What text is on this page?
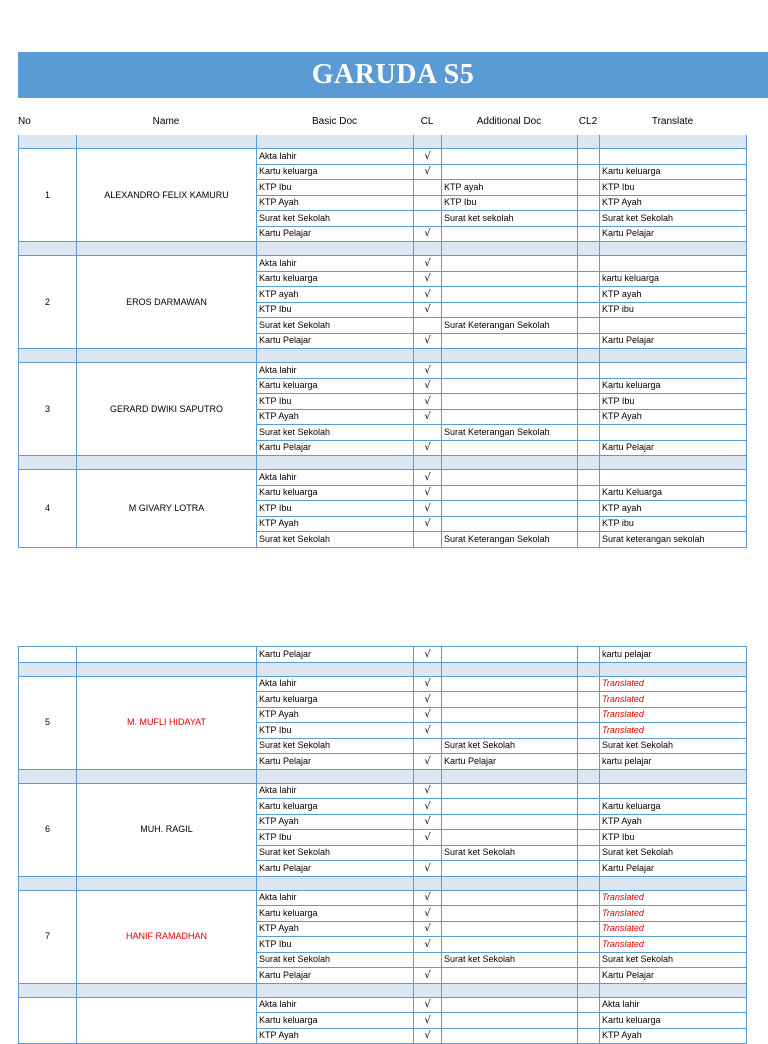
GARUDA S5
No	Name	Basic Doc	CL	Additional Doc	CL2	Translate

1	ALEXANDRO FELIX KAMURU	Akta lahir	√				
		Kartu keluarga	√			Kartu keluarga	
		KTP Ibu		KTP ayah		KTP Ibu	
		KTP Ayah		KTP Ibu		KTP Ayah	
		Surat ket Sekolah		Surat ket sekolah		Surat ket Sekolah	
		Kartu Pelajar	√			Kartu Pelajar	

2	EROS DARMAWAN	Akta lahir	√				
		Kartu keluarga	√			kartu keluarga	
		KTP ayah	√			KTP ayah	
		KTP Ibu	√			KTP ibu	
		Surat ket Sekolah		Surat Keterangan Sekolah			
		Kartu Pelajar	√			Kartu Pelajar	

3	GERARD DWIKI SAPUTRO	Akta lahir	√				
		Kartu keluarga	√			Kartu keluarga	
		KTP Ibu	√			KTP Ibu	
		KTP Ayah	√			KTP Ayah	
		Surat ket Sekolah		Surat Keterangan Sekolah			
		Kartu Pelajar	√			Kartu Pelajar	

4	M GIVARY LOTRA	Akta lahir	√				
		Kartu keluarga	√			Kartu Keluarga	
		KTP Ibu	√			KTP ayah	
		KTP Ayah	√			KTP ibu	
		Surat ket Sekolah		Surat Keterangan Sekolah		Surat keterangan sekolah	
		Kartu Pelajar	√			kartu pelajar	

5	M. MUFLI HIDAYAT	Akta lahir	√			Translated	
		Kartu keluarga	√			Translated	
		KTP Ayah	√			Translated	
		KTP Ibu	√			Translated	
		Surat ket Sekolah		Surat ket Sekolah		Surat ket Sekolah	
		Kartu Pelajar	√	Kartu Pelajar		kartu pelajar	

6	MUH. RAGIL	Akta lahir	√				
		Kartu keluarga	√			Kartu keluarga	
		KTP Ayah	√			KTP Ayah	
		KTP Ibu	√			KTP Ibu	
		Surat ket Sekolah		Surat ket Sekolah		Surat ket Sekolah	
		Kartu Pelajar	√			Kartu Pelajar	

7	HANIF RAMADHAN	Akta lahir	√			Translated	
		Kartu keluarga	√			Translated	
		KTP Ayah	√			Translated	
		KTP Ibu	√			Translated	
		Surat ket Sekolah		Surat ket Sekolah		Surat ket Sekolah	
		Kartu Pelajar	√			Kartu Pelajar	

		Akta lahir	√			Akta lahir	
		Kartu keluarga	√			Kartu keluarga	
		KTP Ayah	√			KTP Ayah	
